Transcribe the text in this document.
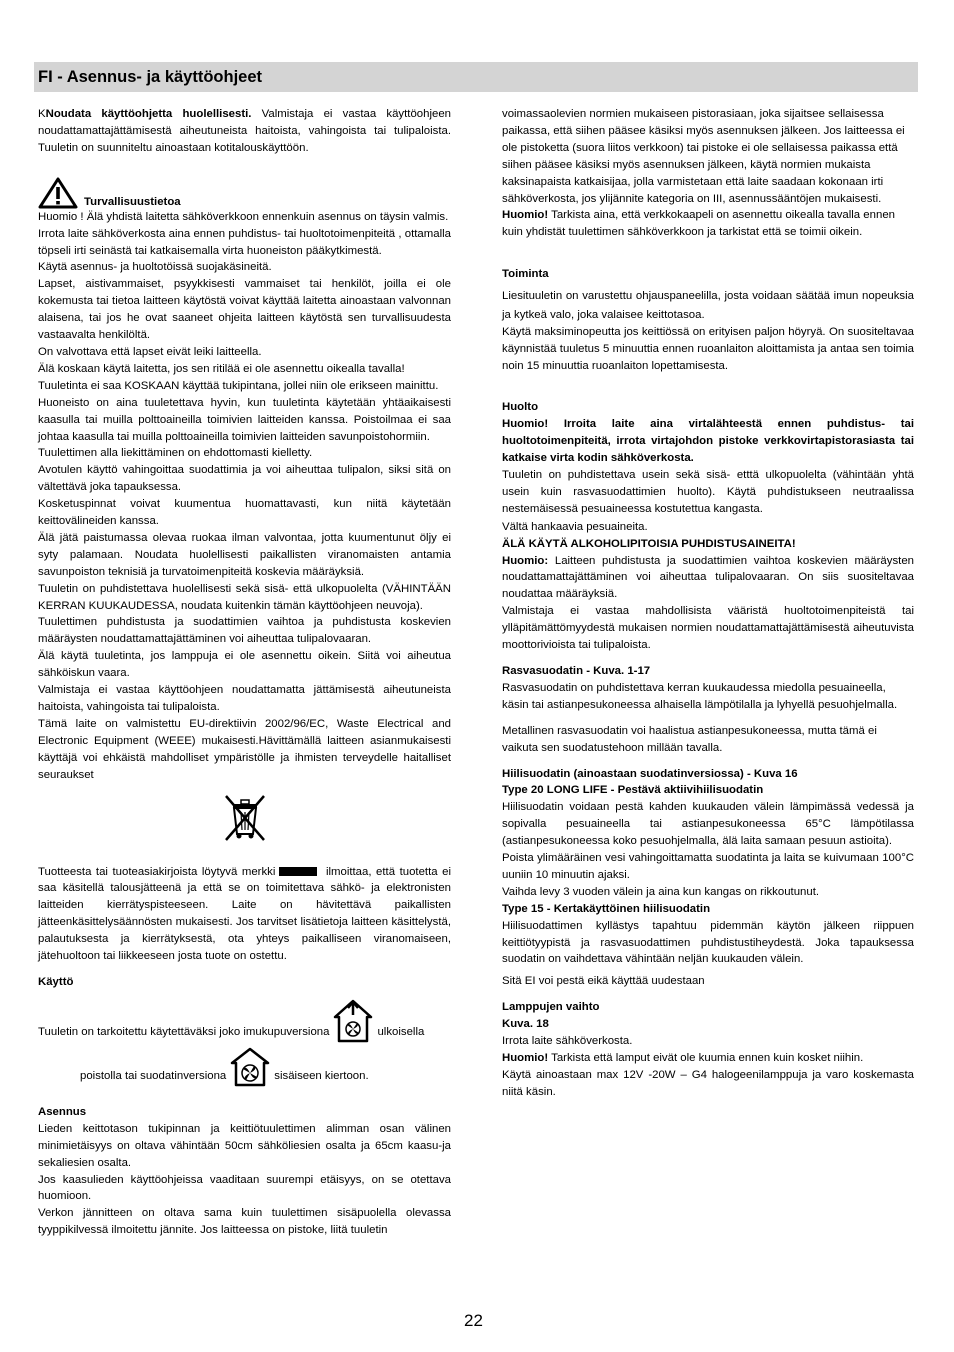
FI - Asennus- ja käyttöohjeet

KNoudata käyttöohjetta huolellisesti. Valmistaja ei vastaa käyttöohjeen noudattamattajättämisestä aiheutuneista haitoista, vahingoista tai tulipaloista. Tuuletin on suunniteltu ainoastaan kotitalouskäyttöön.

Turvallisuustietoa

Huomio ! Älä yhdistä laitetta sähköverkkoon ennenkuin asennus on täysin valmis.

Irrota laite sähköverkosta aina ennen puhdistus- tai huoltotoimenpiteitä , ottamalla töpseli irti seinästä tai katkaisemalla virta huoneiston pääkytkimestä.

Käytä asennus- ja huoltotöissä suojakäsineitä.

Lapset, aistivammaiset, psyykkisesti vammaiset tai henkilöt, joilla ei ole kokemusta tai tietoa laitteen käytöstä voivat käyttää laitetta ainoastaan valvonnan alaisena, tai jos he ovat saaneet ohjeita laitteen käytöstä sen turvallisuudesta vastaavalta henkilöltä.

On valvottava että lapset eivät leiki laitteella.

Älä koskaan käytä laitetta, jos sen ritilää ei ole asennettu oikealla tavalla!

Tuuletinta ei saa KOSKAAN käyttää tukipintana, jollei niin ole erikseen mainittu.

Huoneisto on aina tuuletettava hyvin, kun tuuletinta käytetään yhtäaikaisesti kaasulla tai muilla polttoaineilla toimivien laitteiden kanssa. Poistoilmaa ei saa johtaa kaasulla tai muilla polttoaineilla toimivien laitteiden savunpoistohormiin.

Tuulettimen alla liekittäminen on ehdottomasti kielletty.

Avotulen käyttö vahingoittaa suodattimia ja voi aiheuttaa tulipalon, siksi sitä on vältettävä joka tapauksessa.

Kosketuspinnat voivat kuumentua huomattavasti, kun niitä käytetään keittovälineiden kanssa.

Älä jätä paistumassa olevaa ruokaa ilman valvontaa, jotta kuumentunut öljy ei syty palamaan. Noudata huolellisesti paikallisten viranomaisten antamia savunpoiston teknisiä ja turvatoimenpiteitä koskevia määräyksiä.

Tuuletin on puhdistettava huolellisesti sekä sisä- että ulkopuolelta (VÄHINTÄÄN KERRAN KUUKAUDESSA, noudata kuitenkin tämän käyttöohjeen neuvoja).

Tuulettimen puhdistusta ja suodattimien vaihtoa ja puhdistusta koskevien määräysten noudattamattajättäminen voi aiheuttaa tulipalovaaran.

Älä käytä tuuletinta, jos lamppuja ei ole asennettu oikein. Siitä voi aiheutua sähköiskun vaara.

Valmistaja ei vastaa käyttöohjeen noudattamatta jättämisestä aiheutuneista haitoista, vahingoista tai tulipaloista.

Tämä laite on valmistettu EU-direktiivin 2002/96/EC, Waste Electrical and Electronic Equipment (WEEE) mukaisesti.Hävittämällä laitteen asianmukaisesti käyttäjä voi ehkäistä mahdolliset ympäristölle ja ihmisten terveydelle haitalliset seuraukset

Tuotteesta tai tuoteasiakirjoista löytyvä merkki	ilmoittaa, että tuotetta ei saa käsitellä talousjätteenä ja että se on toimitettava sähkö- ja elektronisten laitteiden kierrätyspisteeseen. Laite on hävitettävä paikallisten jätteenkäsittelysäännösten mukaisesti. Jos tarvitset lisätietoja laitteen käsittelystä, palautuksesta ja kierrätyksestä, ota yhteys paikalliseen viranomaiseen, jätehuoltoon tai liikkeeseen josta tuote on ostettu.

Käyttö

Tuuletin on tarkoitettu käytettäväksi joko imukupuversiona	ulkoisella
poistolla tai suodatinversiona	sisäiseen kiertoon.

Asennus

Lieden keittotason tukipinnan ja keittiötuulettimen alimman osan välinen minimietäisyys on oltava vähintään 50cm sähköliesien osalta ja 65cm kaasu-ja sekaliesien osalta.

Jos kaasulieden käyttöohjeissa vaaditaan suurempi etäisyys, on se otettava huomioon.

Verkon jännitteen on oltava sama kuin tuulettimen sisäpuolella olevassa tyyppikilvessä ilmoitettu jännite. Jos laitteessa on pistoke, liitä tuuletin

voimassaolevien normien mukaiseen pistorasiaan, joka sijaitsee sellaisessa paikassa, että siihen pääsee käsiksi myös asennuksen jälkeen. Jos laitteessa ei ole pistoketta (suora liitos verkkoon) tai pistoke ei ole sellaisessa paikassa että siihen pääsee käsiksi myös asennuksen jälkeen, käytä normien mukaista kaksinapaista katkaisijaa, jolla varmistetaan että laite saadaan kokonaan irti sähköverkosta, jos ylijännite kategoria on III, asennussääntöjen mukaisesti.

Huomio! Tarkista aina, että verkkokaapeli on asennettu oikealla tavalla ennen kuin yhdistät tuulettimen sähköverkkoon ja tarkistat että se toimii oikein.

Toiminta

Liesituuletin on varustettu ohjauspaneelilla, josta voidaan säätää imun nopeuksia ja kytkeä valo, joka valaisee keittotasoa.

Käytä maksiminopeutta jos keittiössä on erityisen paljon höyryä. On suositeltavaa käynnistää tuuletus 5 minuuttia ennen ruoanlaiton aloittamista ja antaa sen toimia noin 15 minuuttia ruoanlaiton lopettamisesta.

Huolto

Huomio! Irroita laite aina virtalähteestä ennen puhdistus- tai huoltotoimenpiteitä, irrota virtajohdon pistoke verkkovirtapistorasiasta tai katkaise virta kodin sähköverkosta.

Tuuletin on puhdistettava usein sekä sisä- etttä ulkopuolelta (vähintään yhtä usein kuin rasvasuodattimien huolto). Käytä puhdistukseen neutraalissa nestemäisessä pesuaineessa kostutettua kangasta.

Vältä hankaavia pesuaineita.

ÄLÄ KÄYTÄ ALKOHOLIPITOISIA PUHDISTUSAINEITA!

Huomio: Laitteen puhdistusta ja suodattimien vaihtoa koskevien määräysten noudattamattajättäminen voi aiheuttaa tulipalovaaran. On siis suositeltavaa noudattaa määräyksiä.

Valmistaja ei vastaa mahdollisista vääristä huoltotoimenpiteistä tai ylläpitämättömyydestä mukaisen normien noudattamattajättämisestä aiheutuvista moottorivioista tai tulipaloista.

Rasvasuodatin - Kuva. 1-17

Rasvasuodatin on puhdistettava kerran kuukaudessa miedolla pesuaineella, käsin tai astianpesukoneessa alhaisella lämpötilalla ja lyhyellä pesuohjelmalla.

Metallinen rasvasuodatin voi haalistua astianpesukoneessa, mutta tämä ei vaikuta sen suodatustehoon millään tavalla.

Hiilisuodatin (ainoastaan suodatinversiossa) - Kuva 16

Type 20 LONG LIFE - Pestävä aktiivihiilisuodatin

Hiilisuodatin voidaan pestä kahden kuukauden välein lämpimässä vedessä ja sopivalla pesuaineella tai astianpesukoneessa 65°C lämpötilassa (astianpesukoneessa koko pesuohjelmalla, älä laita samaan pesuun astioita).

Poista ylimääräinen vesi vahingoittamatta suodatinta ja laita se kuivumaan 100°C uuniin 10 minuutin ajaksi.

Vaihda levy 3 vuoden välein ja aina kun kangas on rikkoutunut.

Type 15 - Kertakäyttöinen hiilisuodatin

Hiilisuodattimen kyllästys tapahtuu pidemmän käytön jälkeen riippuen keittiötyypistä ja rasvasuodattimen puhdistustiheydestä. Joka tapauksessa suodatin on vaihdettava vähintään neljän kuukauden välein.

Sitä EI voi pestä eikä käyttää uudestaan

Lamppujen vaihto

Kuva. 18

Irrota laite sähköverkosta.

Huomio! Tarkista että lamput eivät ole kuumia ennen kuin kosket niihin.

Käytä ainoastaan max 12V -20W – G4 halogeenilamppuja ja varo koskemasta niitä käsin.

22
